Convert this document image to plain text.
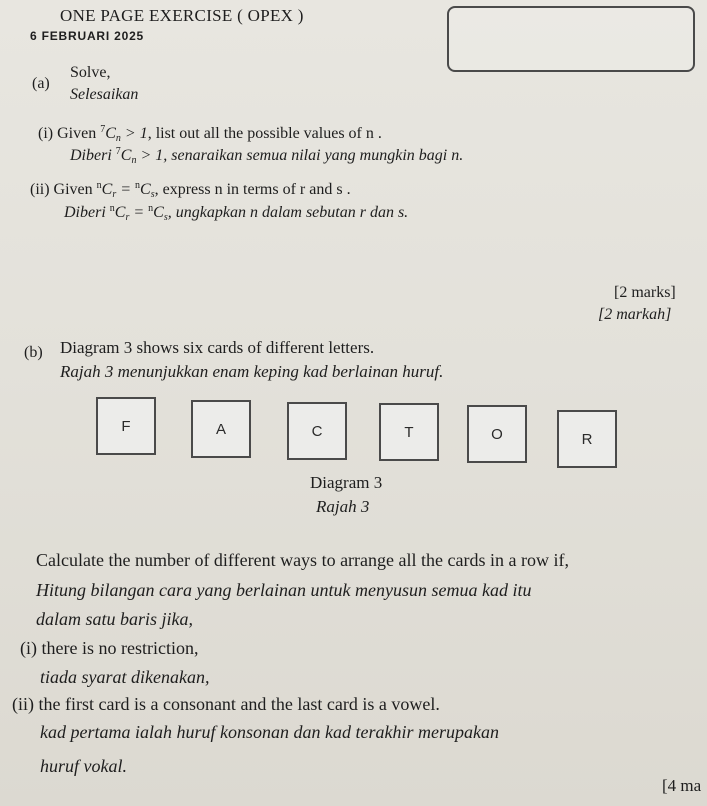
ONE PAGE EXERCISE ( OPEX )
6 FEBRUARI 2025
(a)
Solve,
Selesaikan
(i) Given $^7C_n > 1$, list out all the possible values of n .
Diberi $^7C_n > 1$, senaraikan semua nilai yang mungkin bagi n.
(ii) Given $^nC_r = ^nC_s$, express n in terms of r and s .
Diberi $^nC_r = ^nC_s$, ungkapkan n dalam sebutan r dan s.
[2 marks]
[2 markah]
(b) Diagram 3 shows six cards of different letters.
Rajah 3 menunjukkan enam keping kad berlainan huruf.
F	A	C	T	O	R
Diagram 3
Rajah 3
Calculate the number of different ways to arrange all the cards in a row if,
Hitung bilangan cara yang berlainan untuk menyusun semua kad itu
dalam satu baris jika,
(i) there is no restriction,
tiada syarat dikenakan,
(ii) the first card is a consonant and the last card is a vowel.
kad pertama ialah huruf konsonan dan kad terakhir merupakan
huruf vokal.
[4 ma
